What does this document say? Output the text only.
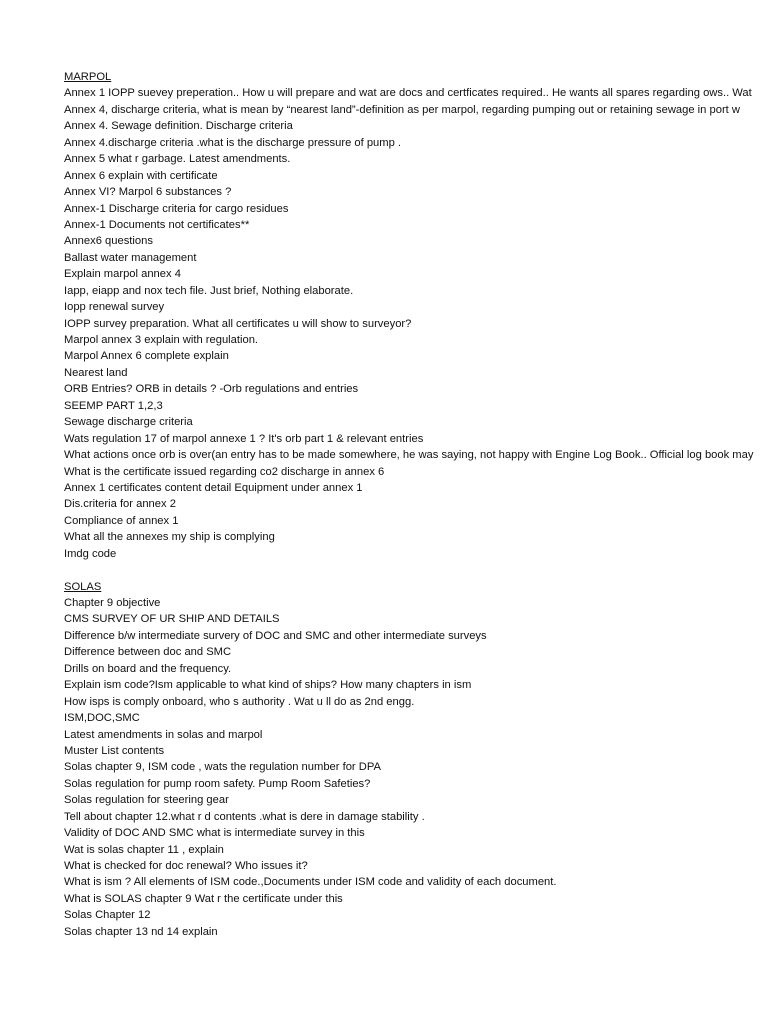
MARPOL
Annex 1 IOPP suevey preperation.. How u will prepare and wat are docs and certficates required.. He wants all spares regarding ows.. Wat
Annex 4, discharge criteria, what is mean by “nearest land”-definition as per marpol, regarding pumping out or retaining sewage in port w
Annex 4. Sewage definition. Discharge criteria
Annex 4.discharge criteria .what is the discharge pressure of pump .
Annex 5 what r garbage. Latest amendments.
Annex 6 explain with certificate
Annex VI? Marpol 6 substances ?
Annex-1 Discharge criteria for cargo residues
Annex-1 Documents not certificates**
Annex6 questions
Ballast water management
Explain marpol annex 4
Iapp, eiapp and nox tech file. Just brief, Nothing elaborate.
Iopp renewal survey
IOPP survey preparation. What all certificates u will show to surveyor?
Marpol annex 3 explain with regulation.
Marpol Annex 6 complete explain
Nearest land
ORB Entries? ORB in details ? -Orb regulations and entries
SEEMP PART 1,2,3
Sewage discharge criteria
Wats regulation 17 of marpol annexe 1 ? It's orb part 1 & relevant entries
What actions once orb is over(an entry has to be made somewhere, he was saying, not happy with Engine Log Book.. Official log book may
What is the certificate issued regarding co2 discharge in annex 6
Annex 1 certificates content detail Equipment under annex 1
Dis.criteria for annex 2
Compliance of annex 1
What all the annexes my ship is complying
Imdg code
SOLAS
Chapter 9 objective
CMS SURVEY OF UR SHIP AND DETAILS
Difference b/w intermediate survery of DOC and SMC and other intermediate surveys
Difference between doc and SMC
Drills on board and the frequency.
Explain ism code?Ism applicable to what kind of ships? How many chapters in ism
How isps is comply onboard, who s authority . Wat u ll do as 2nd engg.
ISM,DOC,SMC
Latest amendments in solas and marpol
Muster List contents
Solas chapter 9, ISM code , wats the regulation number for DPA
Solas regulation for pump room safety. Pump Room Safeties?
Solas regulation for steering gear
Tell about chapter 12.what r d contents .what is dere in damage stability .
Validity of DOC AND SMC what is intermediate survey in this
Wat is solas chapter 11 , explain
What is checked for doc renewal? Who issues it?
What is ism ? All elements of ISM code.,Documents under ISM code and validity of each document.
What is SOLAS chapter 9 Wat r the certificate under this
Solas Chapter 12
Solas chapter 13 nd 14 explain
